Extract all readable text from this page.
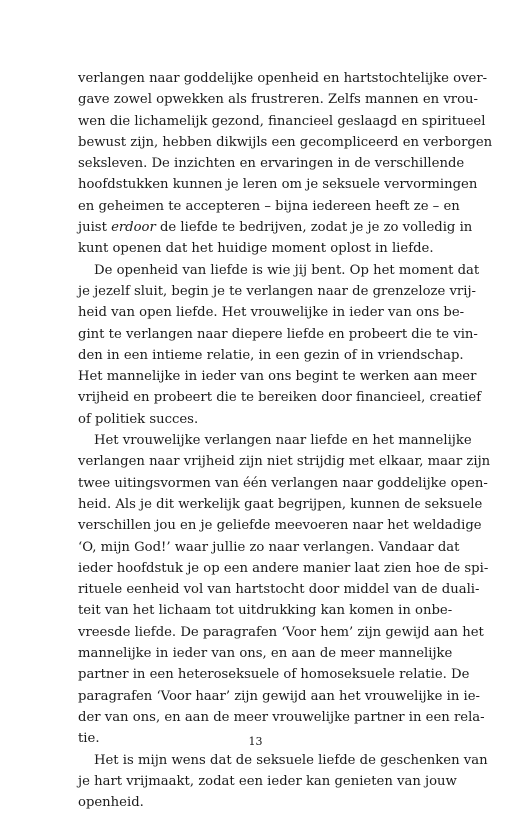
verlangen naar goddelijke openheid en hartstochtelijke over-
gave zowel opwekken als frustreren. Zelfs mannen en vrou-
wen die lichamelijk gezond, financieel geslaagd en spiritueel
bewust zijn, hebben dikwijls een gecompliceerd en verborgen
seksleven. De inzichten en ervaringen in de verschillende
hoofdstukken kunnen je leren om je seksuele vervormingen
en geheimen te accepteren – bijna iedereen heeft ze – en
juist erdoor de liefde te bedrijven, zodat je je zo volledig in
kunt openen dat het huidige moment oplost in liefde.

De openheid van liefde is wie jij bent. Op het moment dat
je jezelf sluit, begin je te verlangen naar de grenzeloze vrij-
heid van open liefde. Het vrouwelijke in ieder van ons be-
gint te verlangen naar diepere liefde en probeert die te vin-
den in een intieme relatie, in een gezin of in vriendschap.
Het mannelijke in ieder van ons begint te werken aan meer
vrijheid en probeert die te bereiken door financieel, creatief
of politiek succes.

Het vrouwelijke verlangen naar liefde en het mannelijke
verlangen naar vrijheid zijn niet strijdig met elkaar, maar zijn
twee uitingsvormen van één verlangen naar goddelijke open-
heid. Als je dit werkelijk gaat begrijpen, kunnen de seksuele
verschillen jou en je geliefde meevoeren naar het weldadige
‘O, mijn God!’ waar jullie zo naar verlangen. Vandaar dat
ieder hoofdstuk je op een andere manier laat zien hoe de spi-
rituele eenheid vol van hartstocht door middel van de duali-
teit van het lichaam tot uitdrukking kan komen in onbe-
vreesde liefde. De paragrafen ‘Voor hem’ zijn gewijd aan het
mannelijke in ieder van ons, en aan de meer mannelijke
partner in een heteroseksuele of homoseksuele relatie. De
paragrafen ‘Voor haar’ zijn gewijd aan het vrouwelijke in ie-
der van ons, en aan de meer vrouwelijke partner in een rela-
tie.

Het is mijn wens dat de seksuele liefde de geschenken van
je hart vrijmaakt, zodat een ieder kan genieten van jouw
openheid.

13
